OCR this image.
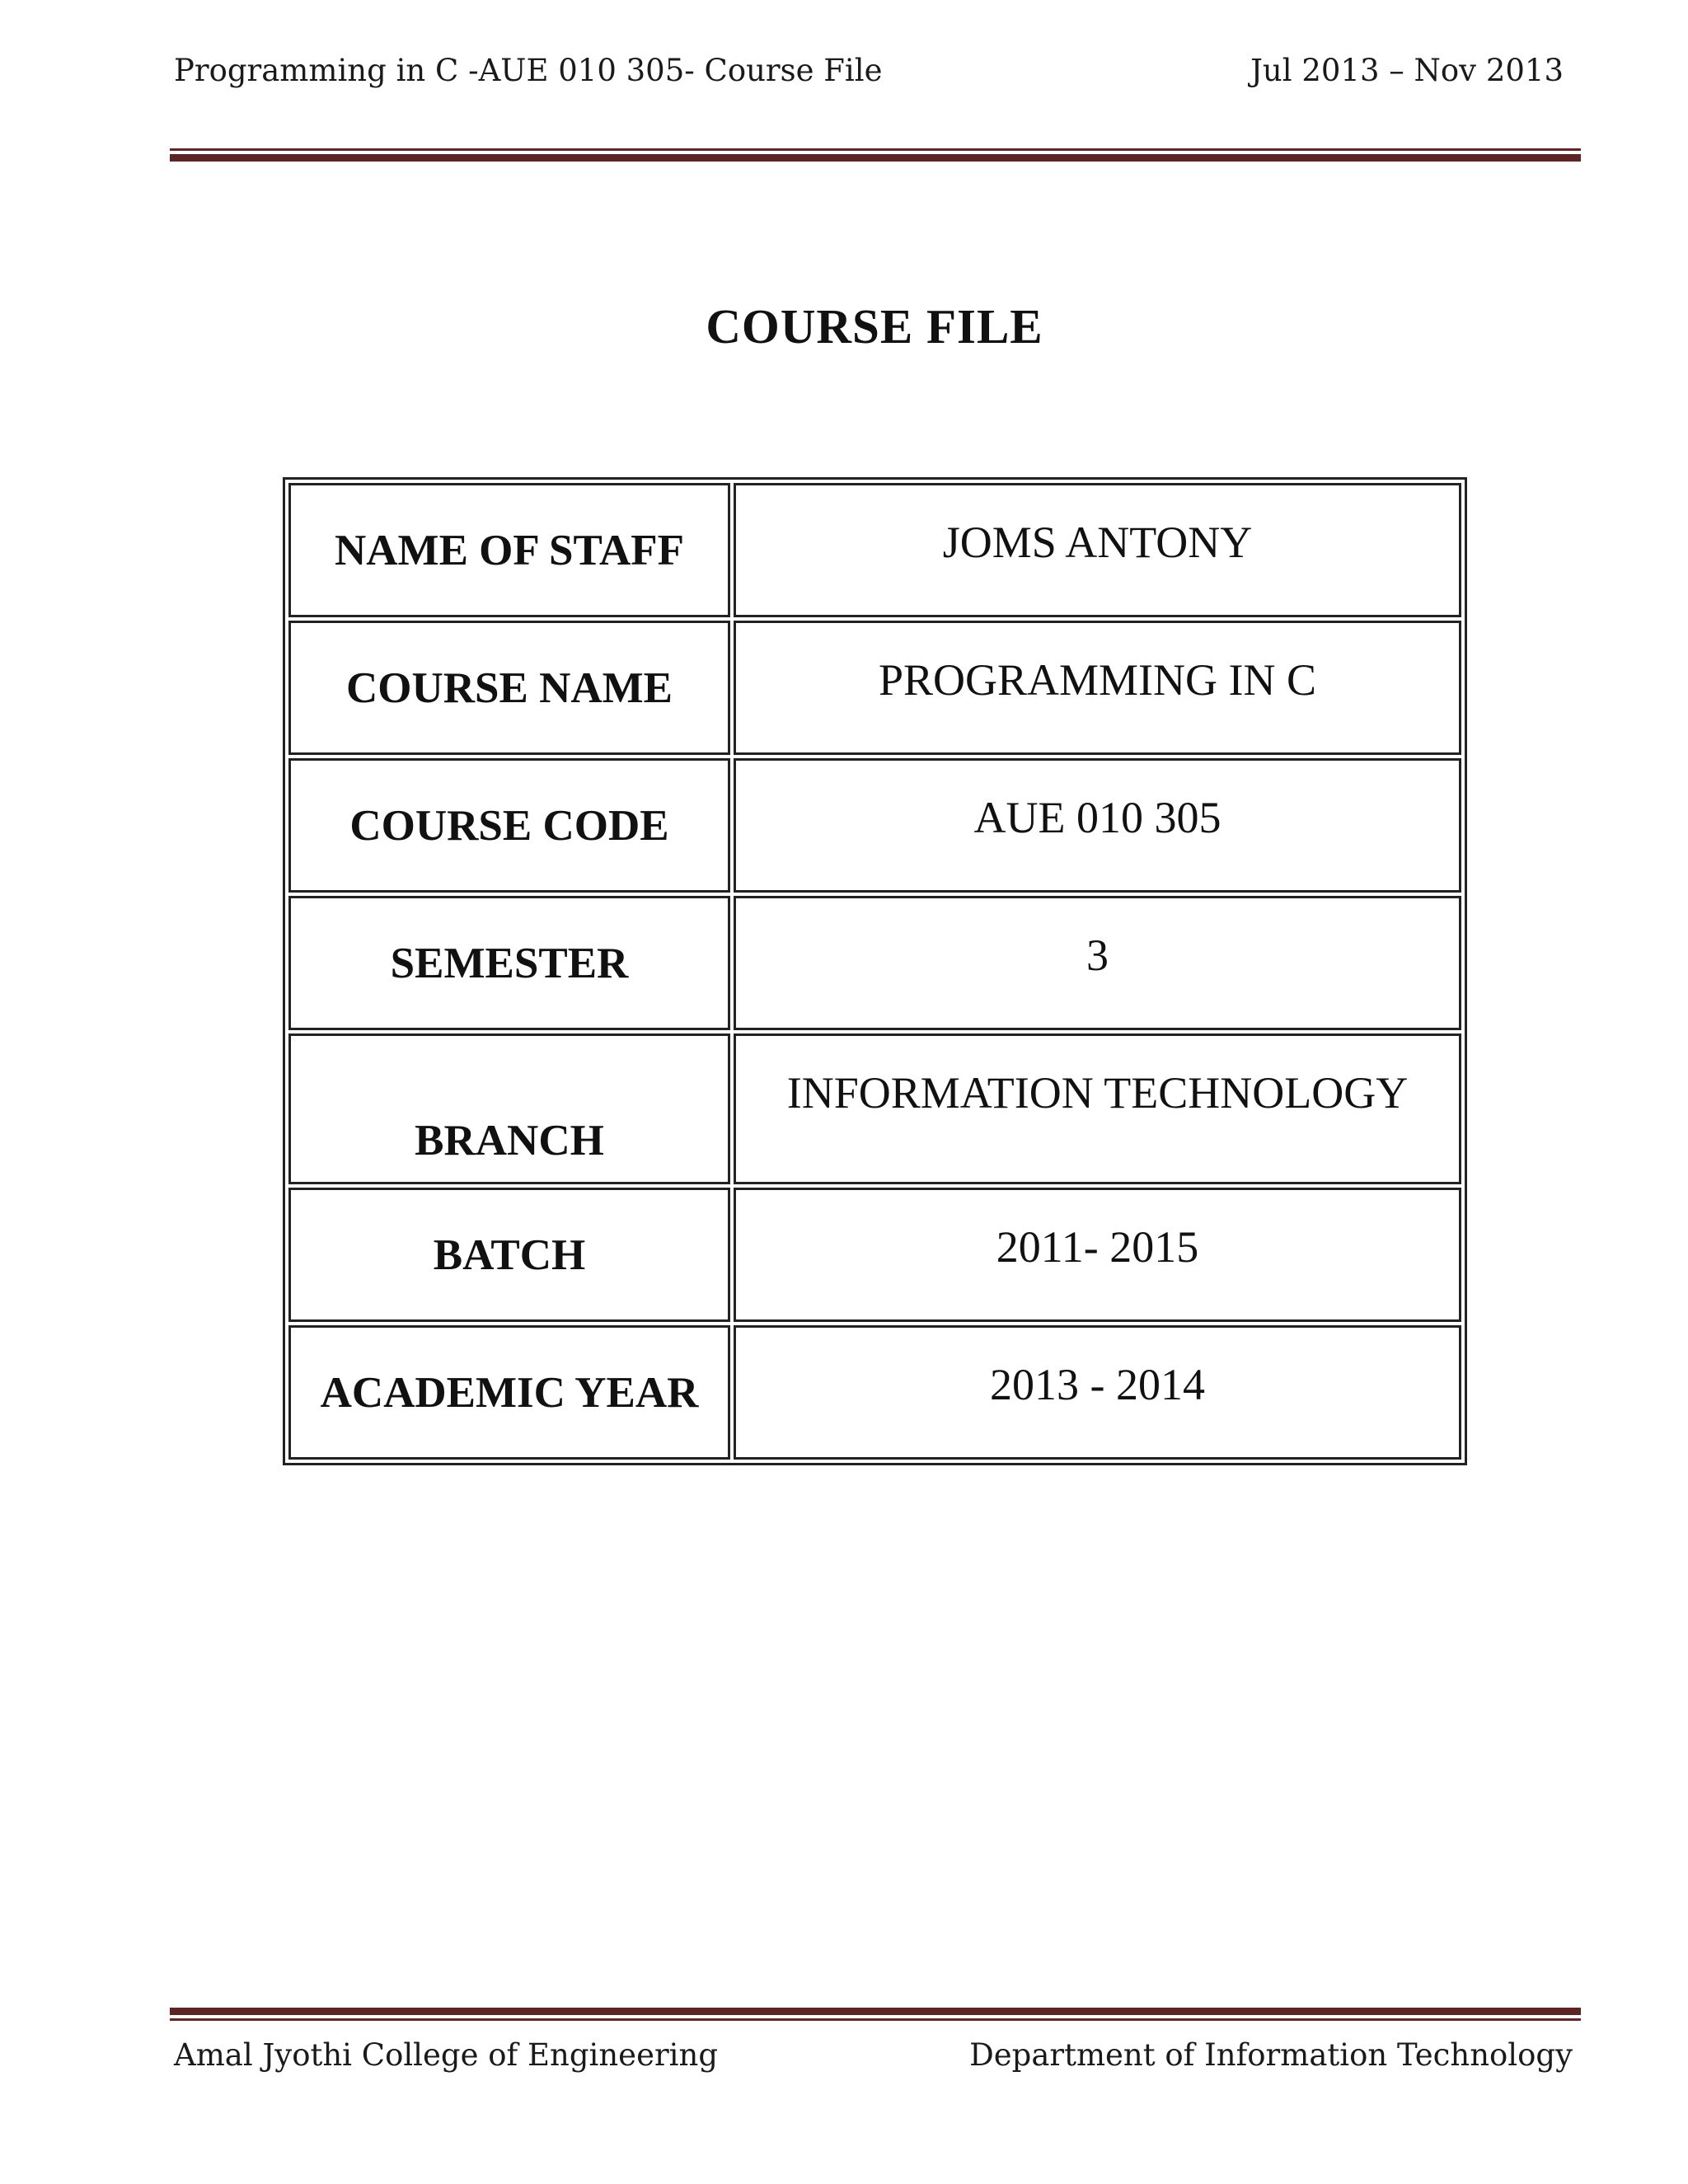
Programming in C -AUE 010 305- Course File	Jul 2013 – Nov 2013
COURSE FILE
NAME OF STAFF	JOMS ANTONY
COURSE NAME	PROGRAMMING IN C
COURSE CODE	AUE 010 305
SEMESTER	3
BRANCH	INFORMATION TECHNOLOGY
BATCH	2011- 2015
ACADEMIC YEAR	2013 - 2014
Amal Jyothi College of Engineering	Department of Information Technology
